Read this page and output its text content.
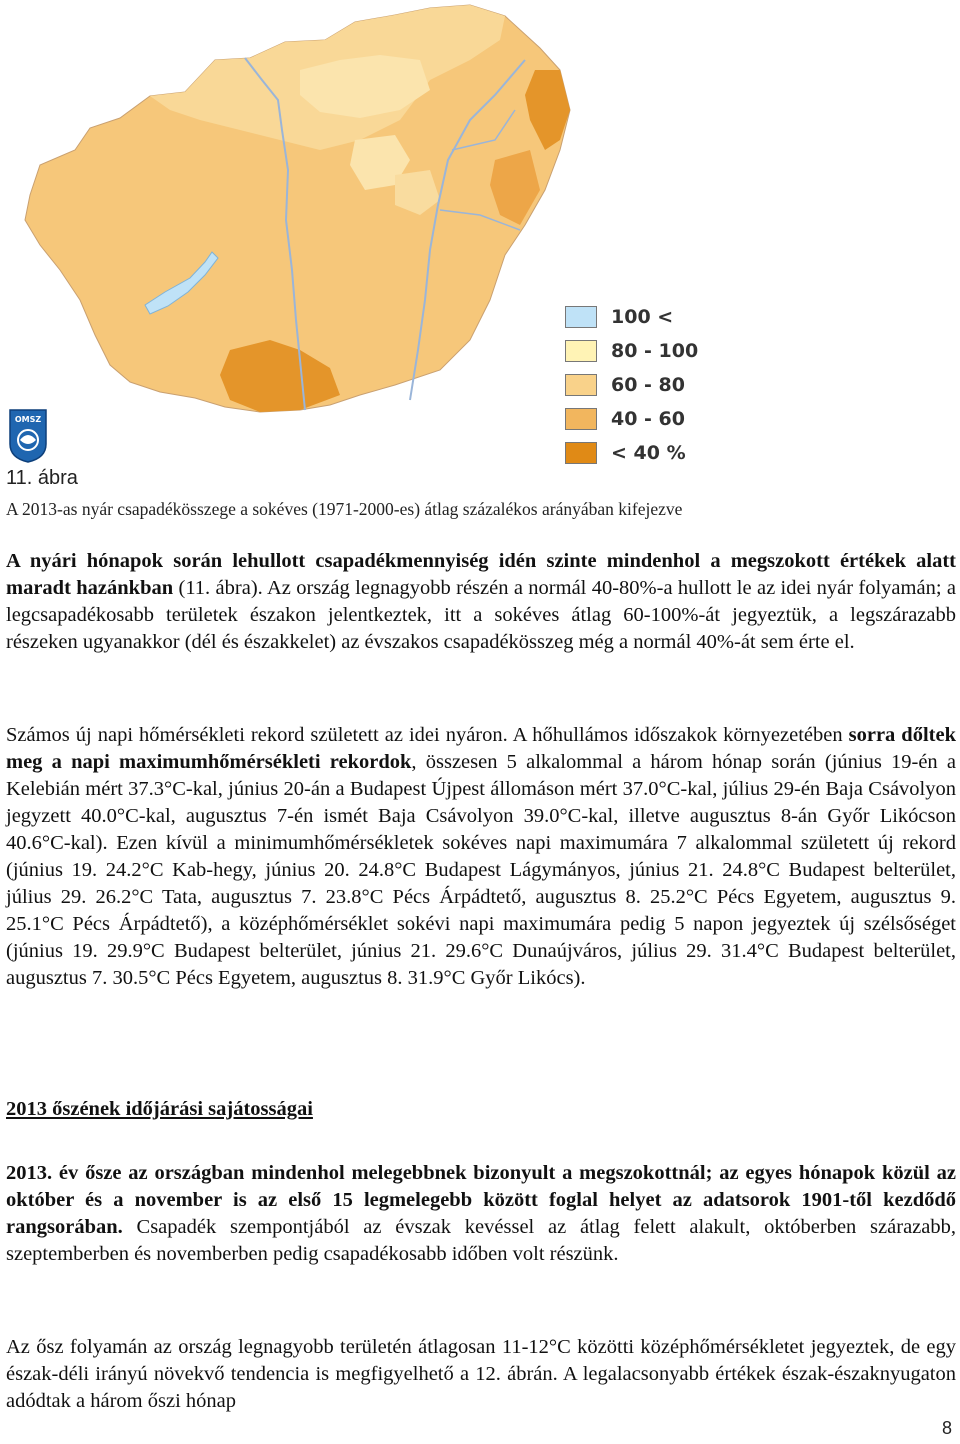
100 <
80 - 100
60 - 80
40 - 60
< 40 %
OMSZ
11. ábra
A 2013-as nyár csapadékösszege a sokéves (1971-2000-es) átlag százalékos arányában kifejezve
A nyári hónapok során lehullott csapadékmennyiség idén szinte mindenhol a megszokott értékek alatt maradt hazánkban (11. ábra). Az ország legnagyobb részén a normál 40-80%-a hullott le az idei nyár folyamán; a legcsapadékosabb területek északon jelentkeztek, itt a sokéves átlag 60-100%-át jegyeztük, a legszárazabb részeken ugyanakkor (dél és északkelet) az évszakos csapadékösszeg még a normál 40%-át sem érte el.
Számos új napi hőmérsékleti rekord született az idei nyáron. A hőhullámos időszakok környezetében sorra dőltek meg a napi maximumhőmérsékleti rekordok, összesen 5 alkalommal a három hónap során (június 19-én a Kelebián mért 37.3°C-kal, június 20-án a Budapest Újpest állomáson mért 37.0°C-kal, július 29-én Baja Csávolyon jegyzett 40.0°C-kal, augusztus 7-én ismét Baja Csávolyon 39.0°C-kal, illetve augusztus 8-án Győr Likócson 40.6°C-kal). Ezen kívül a minimumhőmérsékletek sokéves napi maximumára 7 alkalommal született új rekord (június 19. 24.2°C Kab-hegy, június 20. 24.8°C Budapest Lágymányos, június 21. 24.8°C Budapest belterület, július 29. 26.2°C Tata, augusztus 7. 23.8°C Pécs Árpádtető, augusztus 8. 25.2°C Pécs Egyetem, augusztus 9. 25.1°C Pécs Árpádtető), a középhőmérséklet sokévi napi maximumára pedig 5 napon jegyeztek új szélsőséget (június 19. 29.9°C Budapest belterület, június 21. 29.6°C Dunaújváros, július 29. 31.4°C Budapest belterület, augusztus 7. 30.5°C Pécs Egyetem, augusztus 8. 31.9°C Győr Likócs).
2013 őszének időjárási sajátosságai
2013. év ősze az országban mindenhol melegebbnek bizonyult a megszokottnál; az egyes hónapok közül az október és a november is az első 15 legmelegebb között foglal helyet az adatsorok 1901-től kezdődő rangsorában. Csapadék szempontjából az évszak kevéssel az átlag felett alakult, októberben szárazabb, szeptemberben és novemberben pedig csapadékosabb időben volt részünk.
Az ősz folyamán az ország legnagyobb területén átlagosan 11-12°C közötti középhőmérsékletet jegyeztek, de egy észak-déli irányú növekvő tendencia is megfigyelhető a 12. ábrán. A legalacsonyabb értékek észak-északnyugaton adódtak a három őszi hónap
8
